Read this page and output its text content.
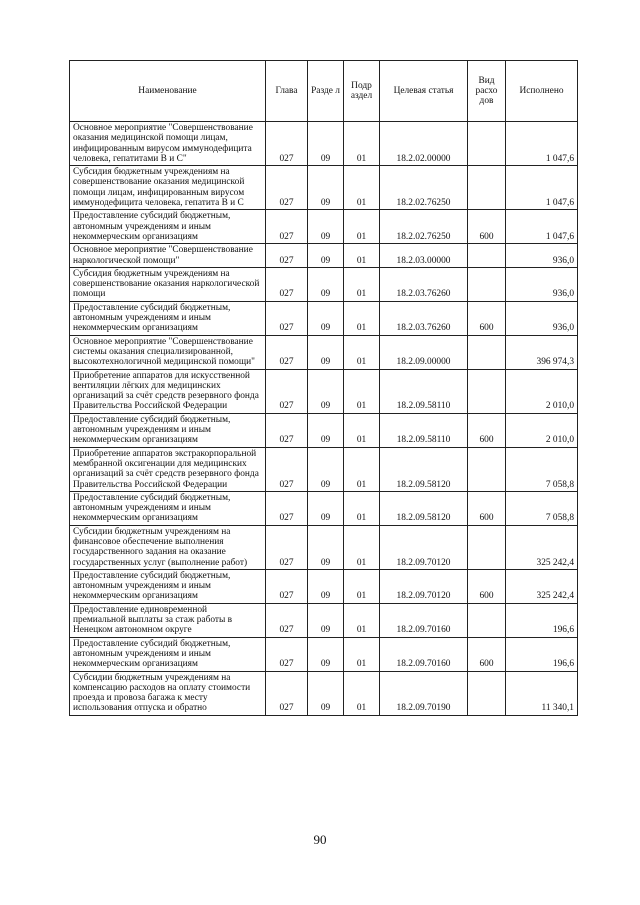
Наименование	Глава	Разде л	Подр аздел	Целевая статья	Вид расхо дов	Исполнено
Основное мероприятие "Совершенствование оказания медицинской помощи лицам, инфицированным вирусом иммунодефицита человека, гепатитами В и С"	027	09	01	18.2.02.00000		1 047,6
Субсидия бюджетным учреждениям на совершенствование оказания медицинской помощи лицам, инфицированным вирусом иммунодефицита человека, гепатита В и С	027	09	01	18.2.02.76250		1 047,6
Предоставление субсидий бюджетным, автономным учреждениям и иным некоммерческим организациям	027	09	01	18.2.02.76250	600	1 047,6
Основное мероприятие "Совершенствование наркологической помощи"	027	09	01	18.2.03.00000		936,0
Субсидия бюджетным учреждениям на совершенствование оказания наркологической помощи	027	09	01	18.2.03.76260		936,0
Предоставление субсидий бюджетным, автономным учреждениям и иным некоммерческим организациям	027	09	01	18.2.03.76260	600	936,0
Основное мероприятие "Совершенствование системы оказания специализированной, высокотехнологичной медицинской помощи"	027	09	01	18.2.09.00000		396 974,3
Приобретение аппаратов для искусственной вентиляции лёгких для медицинских организаций за счёт средств резервного фонда Правительства Российской Федерации	027	09	01	18.2.09.58110		2 010,0
Предоставление субсидий бюджетным, автономным учреждениям и иным некоммерческим организациям	027	09	01	18.2.09.58110	600	2 010,0
Приобретение аппаратов экстракорпоральной мембранной оксигенации для медицинских организаций за счёт средств резервного фонда Правительства Российской Федерации	027	09	01	18.2.09.58120		7 058,8
Предоставление субсидий бюджетным, автономным учреждениям и иным некоммерческим организациям	027	09	01	18.2.09.58120	600	7 058,8
Субсидии бюджетным учреждениям на финансовое обеспечение выполнения государственного задания на оказание государственных услуг (выполнение работ)	027	09	01	18.2.09.70120		325 242,4
Предоставление субсидий бюджетным, автономным учреждениям и иным некоммерческим организациям	027	09	01	18.2.09.70120	600	325 242,4
Предоставление единовременной премиальной выплаты за стаж работы в Ненецком автономном округе	027	09	01	18.2.09.70160		196,6
Предоставление субсидий бюджетным, автономным учреждениям и иным некоммерческим организациям	027	09	01	18.2.09.70160	600	196,6
Субсидии бюджетным учреждениям на компенсацию расходов на оплату стоимости проезда и провоза багажа к месту использования отпуска и обратно	027	09	01	18.2.09.70190		11 340,1
90
